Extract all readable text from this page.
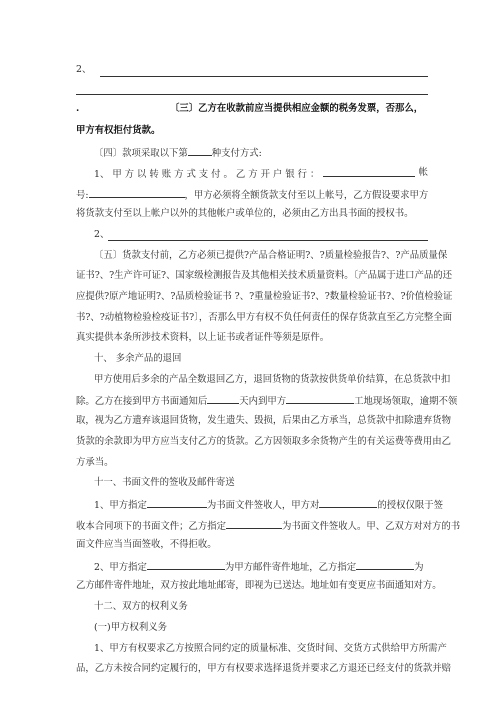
2、
.	〔三〕乙方在收款前应当提供相应金额的税务发票，否那么，
甲方有权拒付货款。
〔四〕款项采取以下第	种支付方式:
1、 甲 方 以 转 账 方 式 支 付 。 乙 方 开 户 银 行 ：	帐
号:	，甲方必须将全额货款支付至以上帐号，乙方假设要求甲方
将货款支付至以上帐户以外的其他帐户或单位的，必须由乙方出具书面的授权书。
2、
〔五〕货款支付前，乙方必须已提供?产品合格证明?、?质量检验报告?、?产品质量保
证书?、?生产许可证?、国家级检测报告及其他相关技术质量资料。〔产品属于进口产品的还
应提供?原产地证明?、?品质检验证书 ?、?重量检验证书?、?数量检验证书?、?价值检验证
书?、?动植物检验检疫证书?〕，否那么甲方有权不负任何责任的保存货款直至乙方完整全面
真实提供本条所涉技术资料，以上证书或者证件等须是原件。
十、 多余产品的退回
甲方使用后多余的产品全数退回乙方，退回货物的货款按供货单价结算，在总货款中扣
除。乙方在接到甲方书面通知后	天内到甲方	工地现场领取，逾期不领
取，视为乙方遗弃该退回货物，发生遗失、毁损，后果由乙方承当，总货款中扣除遗弃货物
货款的余款即为甲方应当支付乙方的货款。乙方因领取多余货物产生的有关运费等费用由乙
方承当。
十一、书面文件的签收及邮件寄送
1、甲方指定	为书面文件签收人，甲方对	的授权仅限于签
收本合同项下的书面文件；乙方指定	为书面文件签收人。甲、乙双方对对方的书
面文件应当当面签收，不得拒收。
2、甲方指定	为甲方邮件寄件地址，乙方指定	为
乙方邮件寄件地址，双方按此地址邮寄，即视为已送达。地址如有变更应书面通知对方。
十二、双方的权利义务
(一)甲方权利义务
1、甲方有权要求乙方按照合同约定的质量标准、交货时间、交货方式供给甲方所需产
品，乙方未按合同约定履行的，甲方有权要求选择退货并要求乙方退还已经支付的货款并赔
